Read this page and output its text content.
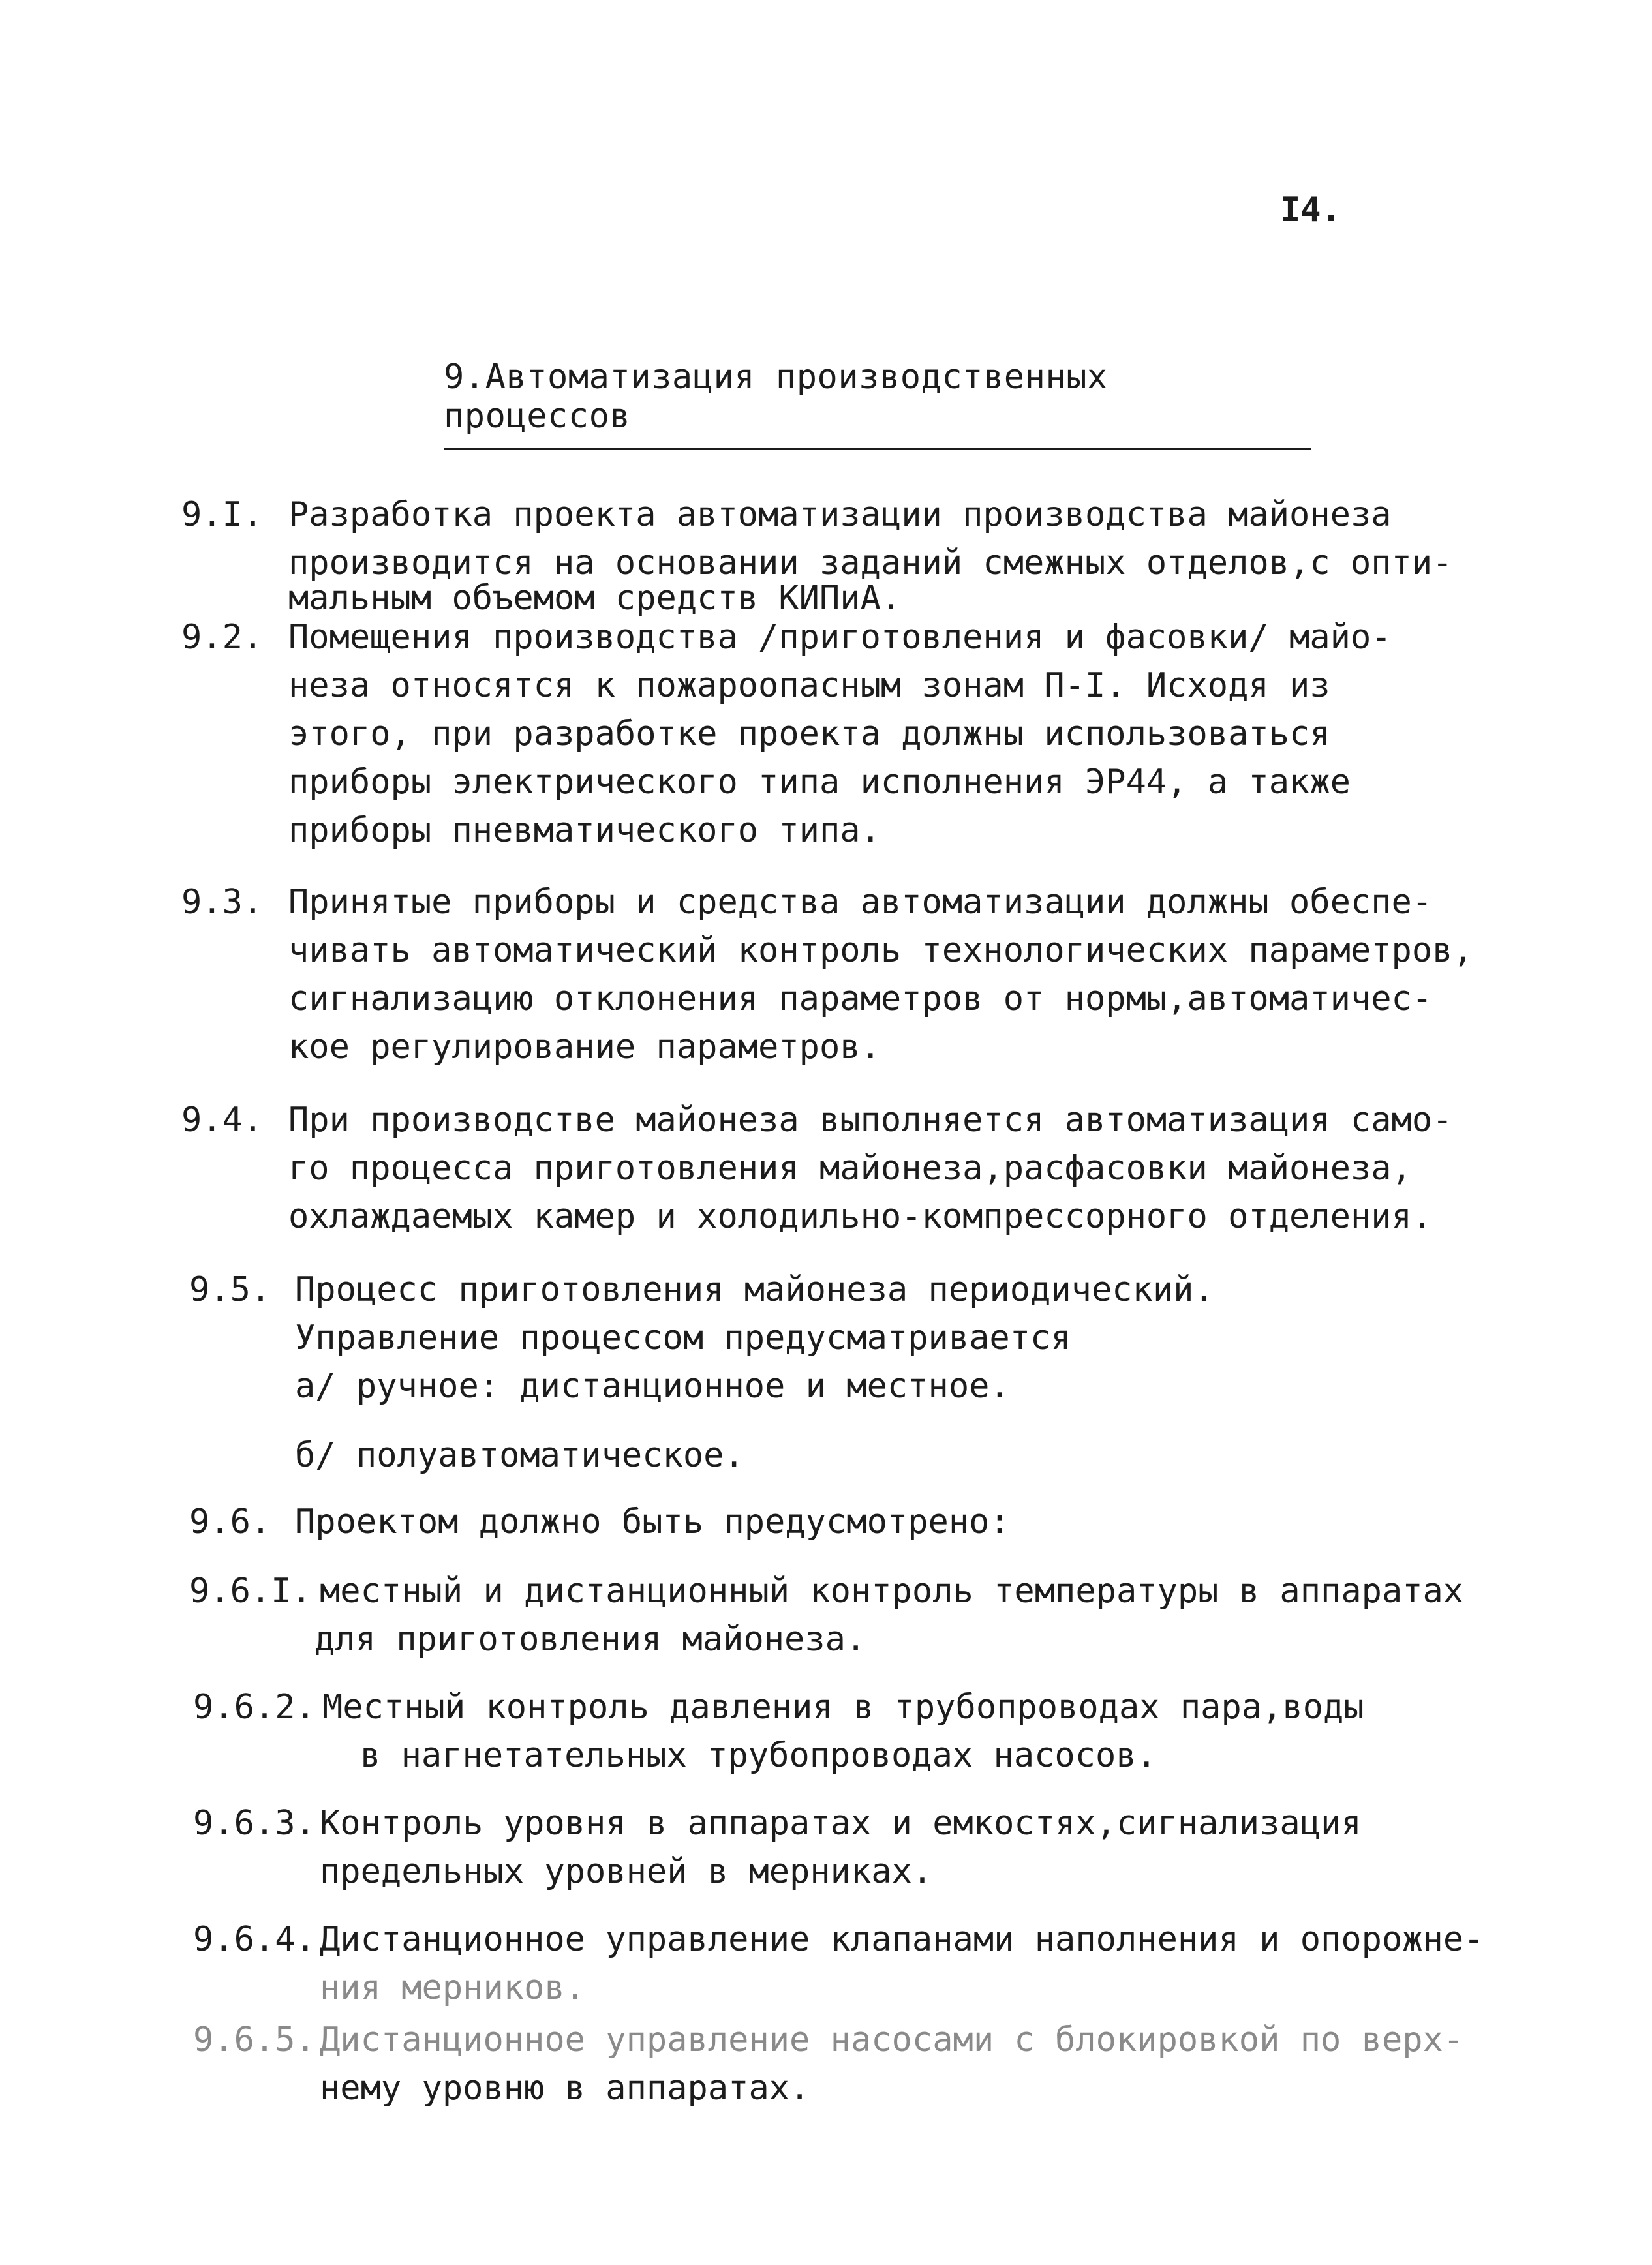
I4.
9.Автоматизация производственных процессов
9.I. Разработка проекта автоматизации производства майонеза
производится на основании заданий смежных отделов,с опти-
мальным объемом средств КИПиА.
9.2. Помещения производства /приготовления и фасовки/ майо-
неза относятся к пожароопасным зонам П-I. Исходя из
этого, при разработке проекта должны использоваться
приборы электрического типа исполнения ЭР44, а также
приборы пневматического типа.
9.3. Принятые приборы и средства автоматизации должны обеспе-
чивать автоматический контроль технологических параметров,
сигнализацию отклонения параметров от нормы,автоматичес-
кое регулирование параметров.
9.4. При производстве майонеза выполняется автоматизация само-
го процесса приготовления майонеза,расфасовки майонеза,
охлаждаемых камер и холодильно-компрессорного отделения.
9.5. Процесс приготовления майонеза периодический.
Управление процессом предусматривается
а/ ручное: дистанционное и местное.
б/ полуавтоматическое.
9.6. Проектом должно быть предусмотрено:
9.6.I. местный и дистанционный контроль температуры в аппаратах
для приготовления майонеза.
9.6.2. Местный контроль давления в трубопроводах пара,воды
в нагнетательных трубопроводах насосов.
9.6.3. Контроль уровня в аппаратах и емкостях,сигнализация
предельных уровней в мерниках.
9.6.4. Дистанционное управление клапанами наполнения и опорожне-
ния мерников.
9.6.5. Дистанционное управление насосами с блокировкой по верх-
нему уровню в аппаратах.
